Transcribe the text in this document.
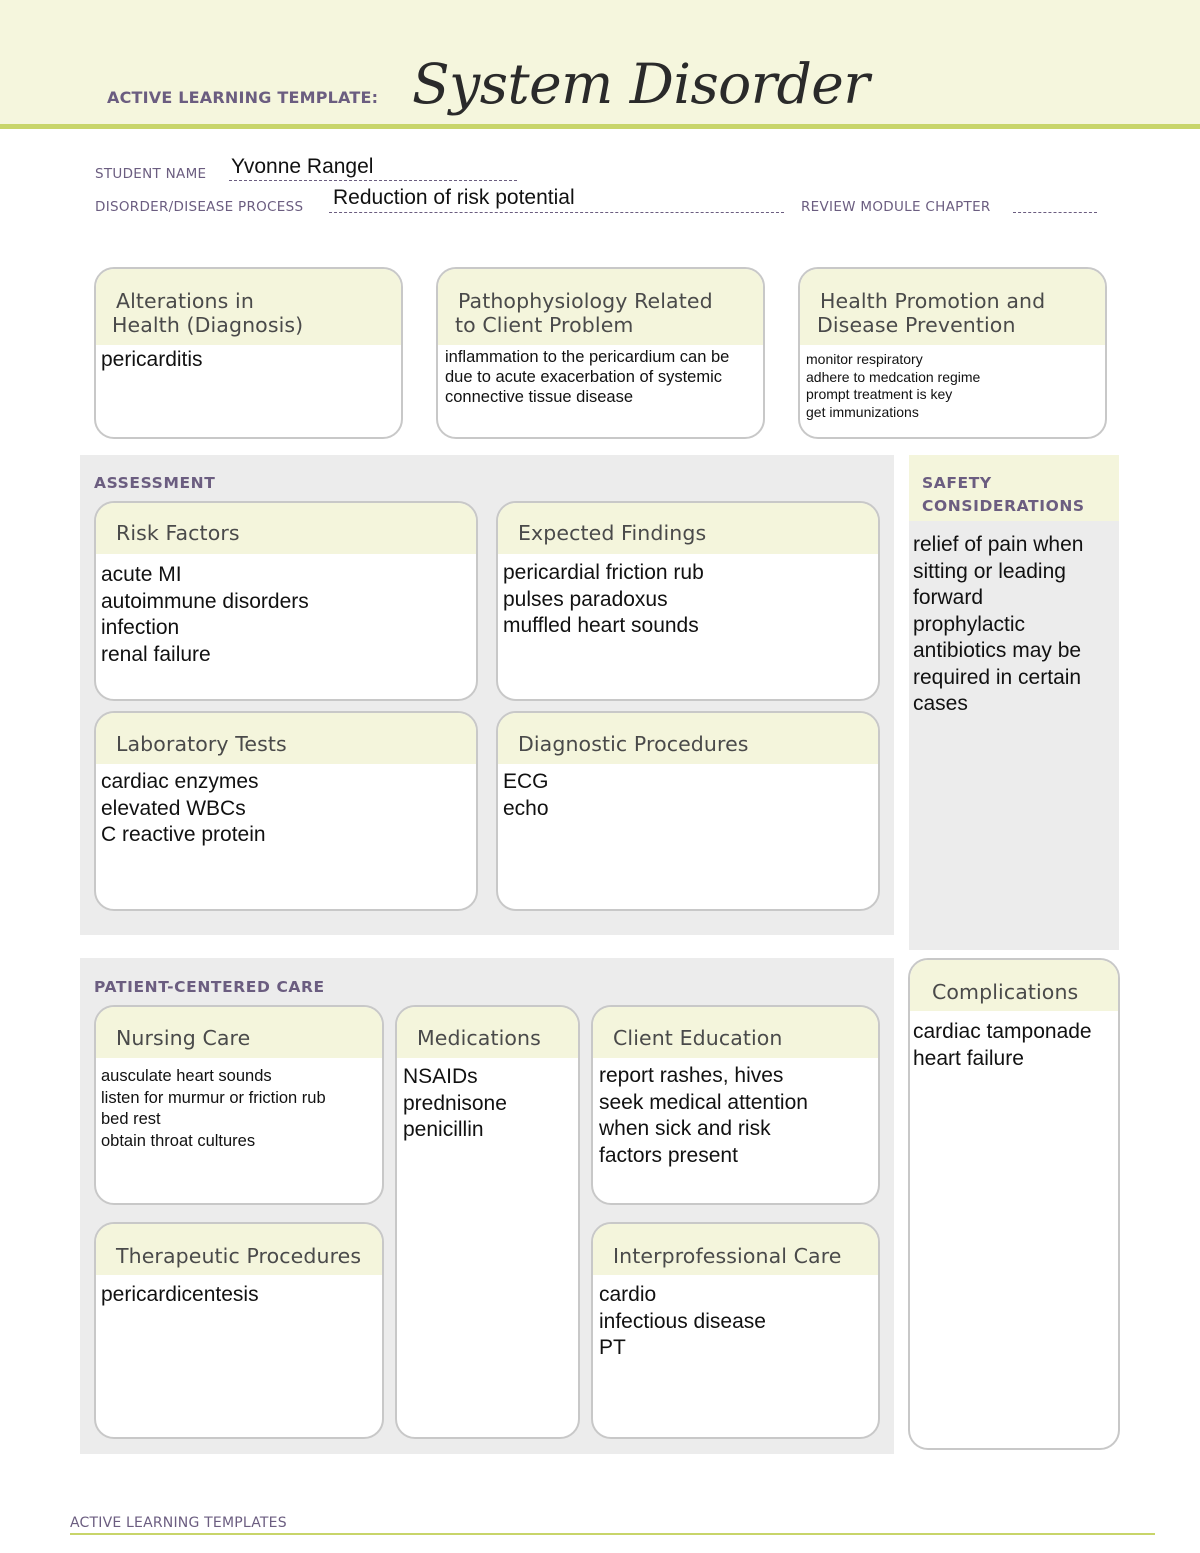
ACTIVE LEARNING TEMPLATE: System Disorder
STUDENT NAME Yvonne Rangel
DISORDER/DISEASE PROCESS Reduction of risk potential	REVIEW MODULE CHAPTER
Alterations in
Health (Diagnosis)
pericarditis
Pathophysiology Related
to Client Problem
inflammation to the pericardium can be
due to acute exacerbation of systemic
connective tissue disease
Health Promotion and
Disease Prevention
monitor respiratory
adhere to medcation regime
prompt treatment is key
get immunizations
ASSESSMENT
Risk Factors
acute MI
autoimmune disorders
infection
renal failure
Expected Findings
pericardial friction rub
pulses paradoxus
muffled heart sounds
Laboratory Tests
cardiac enzymes
elevated WBCs
C reactive protein
Diagnostic Procedures
ECG
echo
SAFETY
CONSIDERATIONS
relief of pain when
sitting or leading
forward
prophylactic
antibiotics may be
required in certain
cases
PATIENT-CENTERED CARE
Nursing Care
ausculate heart sounds
listen for murmur or friction rub
bed rest
obtain throat cultures
Medications
NSAIDs
prednisone
penicillin
Client Education
report rashes, hives
seek medical attention
when sick and risk
factors present
Therapeutic Procedures
pericardicentesis
Interprofessional Care
cardio
infectious disease
PT
Complications
cardiac tamponade
heart failure
ACTIVE LEARNING TEMPLATES
